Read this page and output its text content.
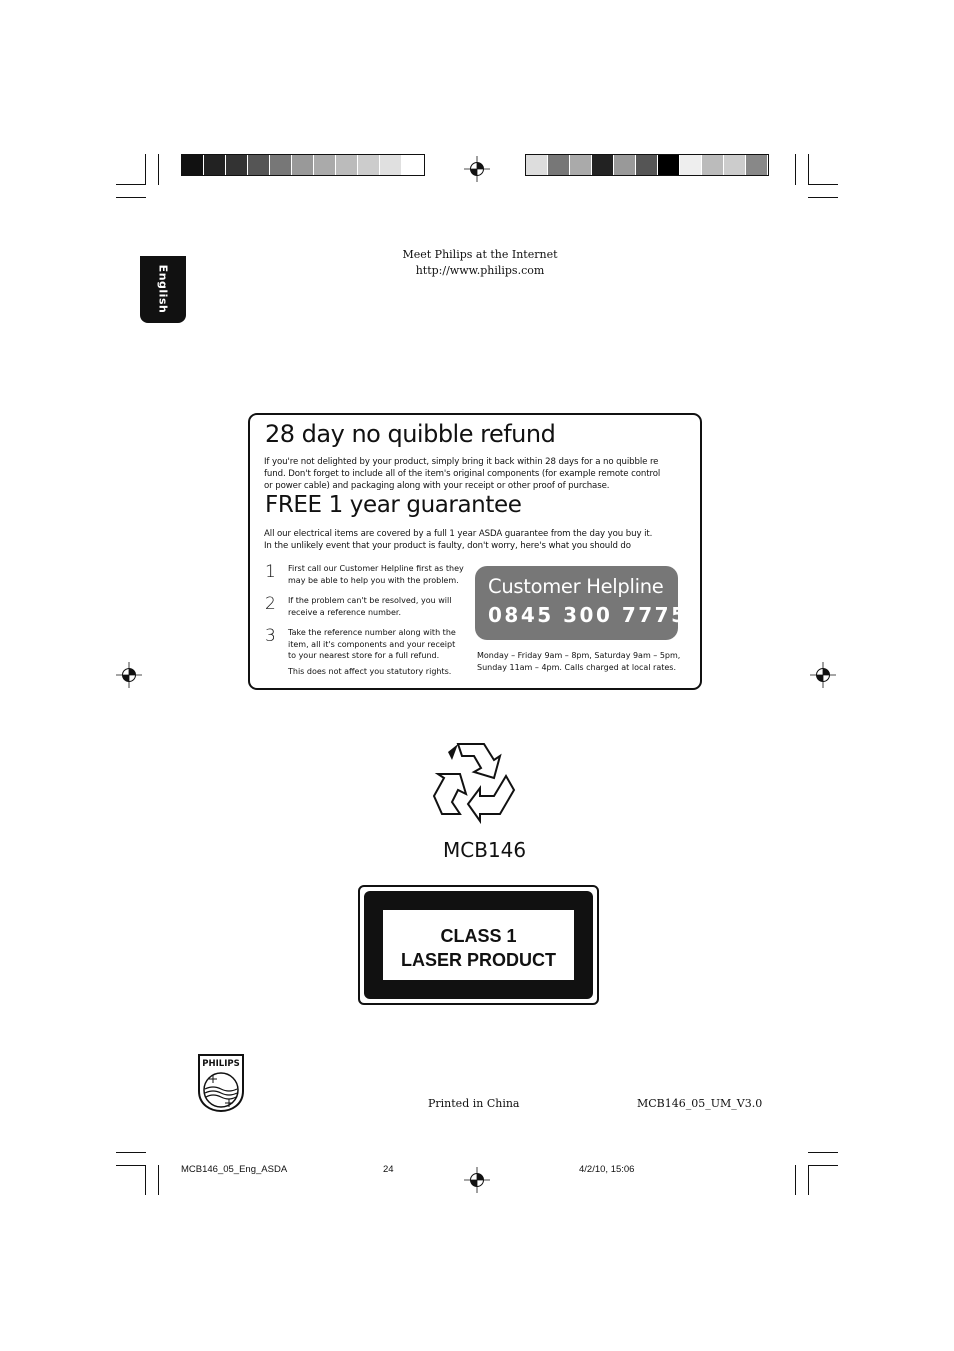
English
Meet Philips at the Internet
http://www.philips.com
28 day no quibble refund
If you're not delighted by your product, simply bring it back within 28 days for a no quibble re
fund. Don't forget to include all of the item's original components (for example remote control
or power cable) and packaging along with your receipt or other proof of purchase.
FREE 1 year guarantee
All our electrical items are covered by a full 1 year ASDA guarantee from the day you buy it.
In the unlikely event that your product is faulty, don't worry, here's what you should do
1 First call our Customer Helpline first as they
may be able to help you with the problem.
2 If the problem can't be resolved, you will
receive a reference number.
3 Take the reference number along with the
item, all it's components and your receipt
to your nearest store for a full refund.
This does not affect you statutory rights.
Customer Helpline
0845 300 7775
Monday – Friday 9am – 8pm, Saturday 9am – 5pm,
Sunday 11am – 4pm. Calls charged at local rates.
MCB146
CLASS 1
LASER PRODUCT
PHILIPS
Printed in China	MCB146_05_UM_V3.0
MCB146_05_Eng_ASDA	24	4/2/10, 15:06
